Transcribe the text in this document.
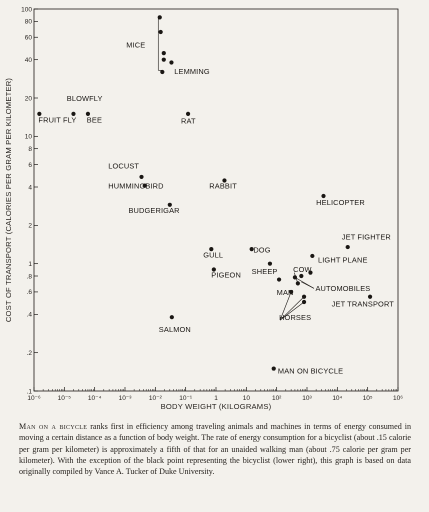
10⁻⁶	10⁻⁵	10⁻⁴	10⁻³	10⁻²	10⁻¹	1	10	10²	10³	10⁴	10⁵	10⁶
.1
.2
.4
.6
.8
1
2
4
6
8
10
20
40
60
80
100
MICE
LEMMING
BLOWFLY
FRUIT FLY BEE	RAT
LOCUST
HUMMINGBIRD	RABBIT
BUDGERIGAR
HELICOPTER
JET FIGHTER
GULL
DOG
LIGHT PLANE
SHEEP COW
PIGEON
MAN	AUTOMOBILES
JET TRANSPORT
HORSES
SALMON
MAN ON BICYCLE
BODY WEIGHT (KILOGRAMS)
COST OF TRANSPORT (CALORIES PER GRAM PER KILOMETER)
Man on a bicycle ranks first in efficiency among traveling animals and machines in terms of energy consumed in moving a certain distance as a function of body weight. The rate of energy consumption for a bicyclist (about .15 calorie per gram per kilometer) is approximately a fifth of that for an unaided walking man (about .75 calorie per gram per kilometer). With the exception of the black point representing the bicyclist (lower right), this graph is based on data originally compiled by Vance A. Tucker of Duke University.
